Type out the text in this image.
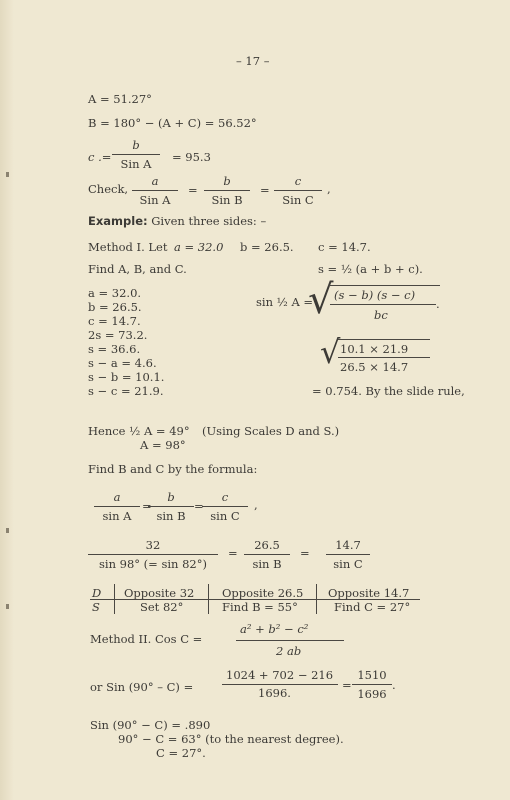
– 17 –
A = 51.27°
B = 180° − (A + C) = 56.52°
c .=
b
Sin A	= 95.3
Check,
a
Sin A
=
b
Sin B
=
c
Sin C
,
Example: Given three sides: –
Method I. Let a = 32.0 b = 26.5. c = 14.7.
Find A, B, and C.	s = ½ (a + b + c).
a = 32.0.
b = 26.5.
c = 14.7.
2s = 73.2.
s = 36.6.
s − a = 4.6.
s − b = 10.1.
s − c = 21.9.
sin ½ A =
√ (s − b) (s − c)
.
bc
√ 10.1 × 21.9
26.5 × 14.7
= 0.754. By the slide rule,
Hence ½ A = 49° (Using Scales D and S.)
A = 98°
Find B and C by the formula:
$\frac{a}{\text{sin A}}$ =
$\frac{b}{\text{sin B}}$ =
$\frac{c}{\text{sin C}}$ ,
$\frac{32}{\sin 98^\circ (= \sin 82^\circ)} = \frac{26.5}{\text{sin B}} = \frac{14.7}{\text{sin C}}$
D Opposite 32 Opposite 26.5 Opposite 14.7
S	Set 82°	Find B = 55°	Find C = 27°
Method II. Cos C =
a² + b² − c²
2 ab
or Sin (90° – C) =
1024 + 702 − 216
1696.
= $\frac{1510}{1696}$ .
Sin (90° − C) = .890
90° − C = 63° (to the nearest degree).
C = 27°.
